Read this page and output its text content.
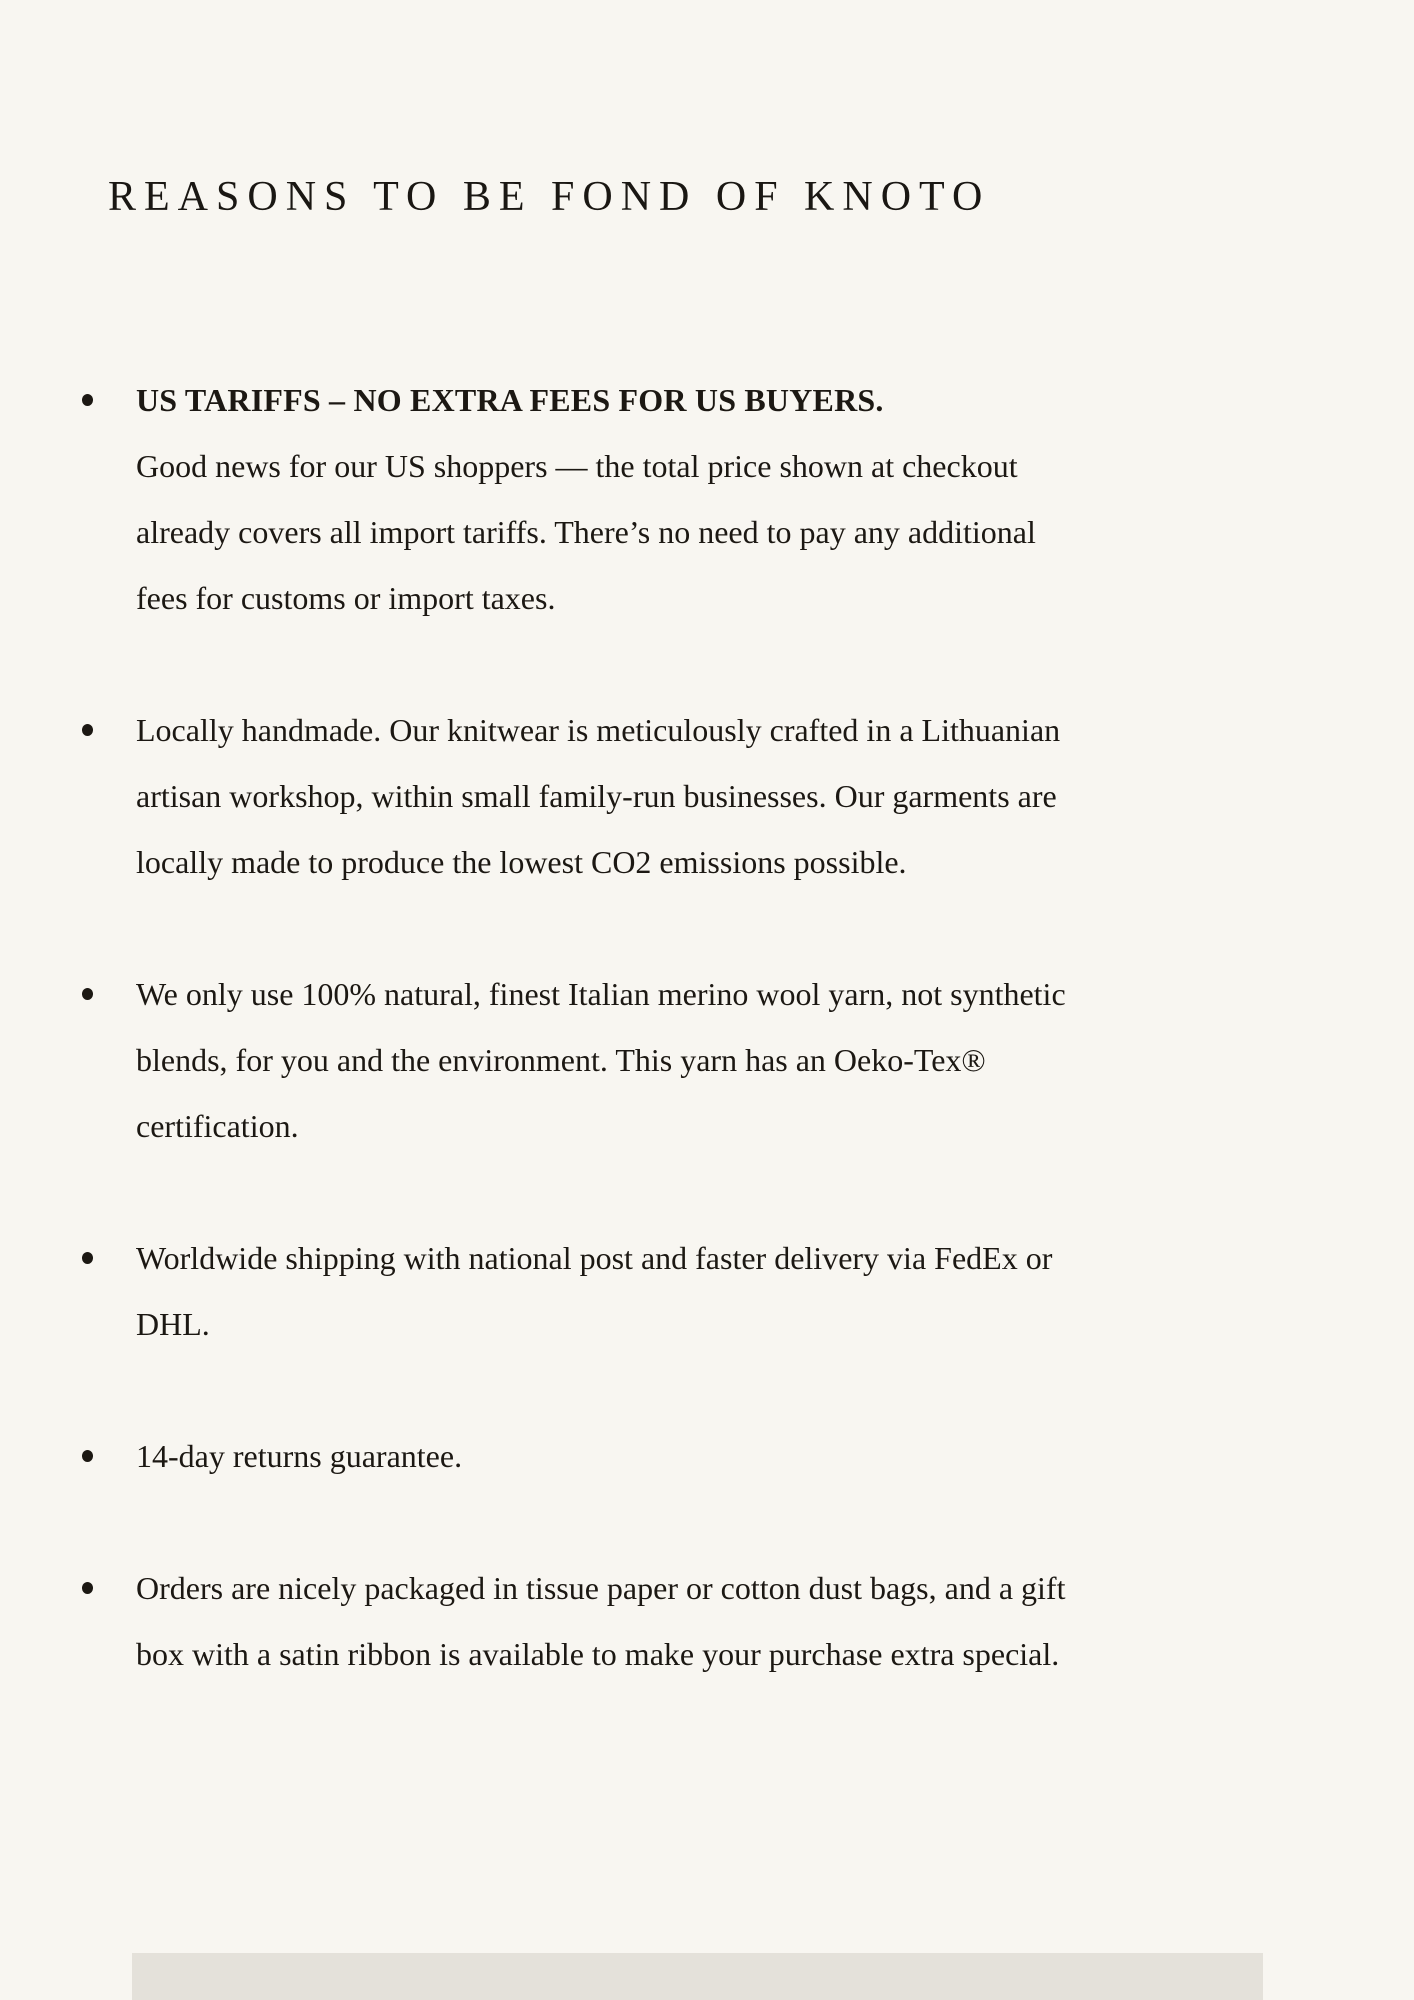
REASONS TO BE FOND OF KNOTO
US TARIFFS – NO EXTRA FEES FOR US BUYERS.
Good news for our US shoppers — the total price shown at checkout already covers all import tariffs. There’s no need to pay any additional fees for customs or import taxes.
Locally handmade. Our knitwear is meticulously crafted in a Lithuanian artisan workshop, within small family-run businesses. Our garments are locally made to produce the lowest CO2 emissions possible.
We only use 100% natural, finest Italian merino wool yarn, not synthetic blends, for you and the environment. This yarn has an Oeko-Tex® certification.
Worldwide shipping with national post and faster delivery via FedEx or DHL.
14-day returns guarantee.
Orders are nicely packaged in tissue paper or cotton dust bags, and a gift box with a satin ribbon is available to make your purchase extra special.
